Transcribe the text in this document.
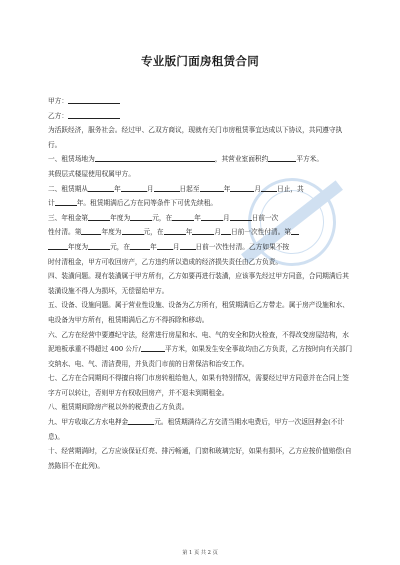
专业版门面房租赁合同
甲方：
乙方：
为活跃经济，服务社会。经过甲、乙双方商议，现就有关门市房租赁事宜达成以下协议，共同遵守执行。
一、租赁场地为	，其营业室面积约	平方米。
其假层式楼屋使用权属甲方。
二、租赁期从	年	月	日起至	年	月 日止，共
计	年。租赁期满后乙方在同等条件下可优先续租。
三、年租金第	年度为	元，在	年	月	日前一次
性付清。第	年度为	元，在	年	月 日前一次性付清。第
年度为	元，在	年 月 日前一次性付清。乙方如果不按
时付清租金，甲方可收回房产，乙方违约所以造成的经济损失责任由乙方负责。
四、装潢问题。现有装潢属于甲方所有，乙方如要再进行装潢，应该事先经过甲方同意，合同期满后其装潢设施不得人为损坏，无偿留给甲方。
五、设备、设施问题。属于营业性设施、设备为乙方所有，租赁期满后乙方带走。属于房产设施和水、电设备为甲方所有，租赁期满后乙方不得拆除和移动。
六、乙方在经营中要遵纪守法，经常进行房屋和水、电、气的安全和防火检查，不得改变房屋结构，水泥地板承重不得超过 400 公斤/	平方米，如果发生安全事故均由乙方负责，乙方按时向有关部门交纳水、电、气、清洁费用，并负责门市前的日常保洁和治安工作。
七、乙方在合同期间不得擅自将门市房转租给他人，如果有特别情况，需要经过甲方同意并在合同上签字方可以转让，否则甲方有权收回房产，并不退未到期租金。
八、租赁期间除房产税以外的税费由乙方负责。
九、甲方收取乙方水电押金	元。租赁期满待乙方交清当期水电费后，甲方一次返回押金(不计息)。
十、经营期满时，乙方应该保证灯亮、排污畅通，门窗和玻璃完好，如果有损坏，乙方应按价值赔偿(自然陈旧不在此列)。
第 1 页 共 2 页
